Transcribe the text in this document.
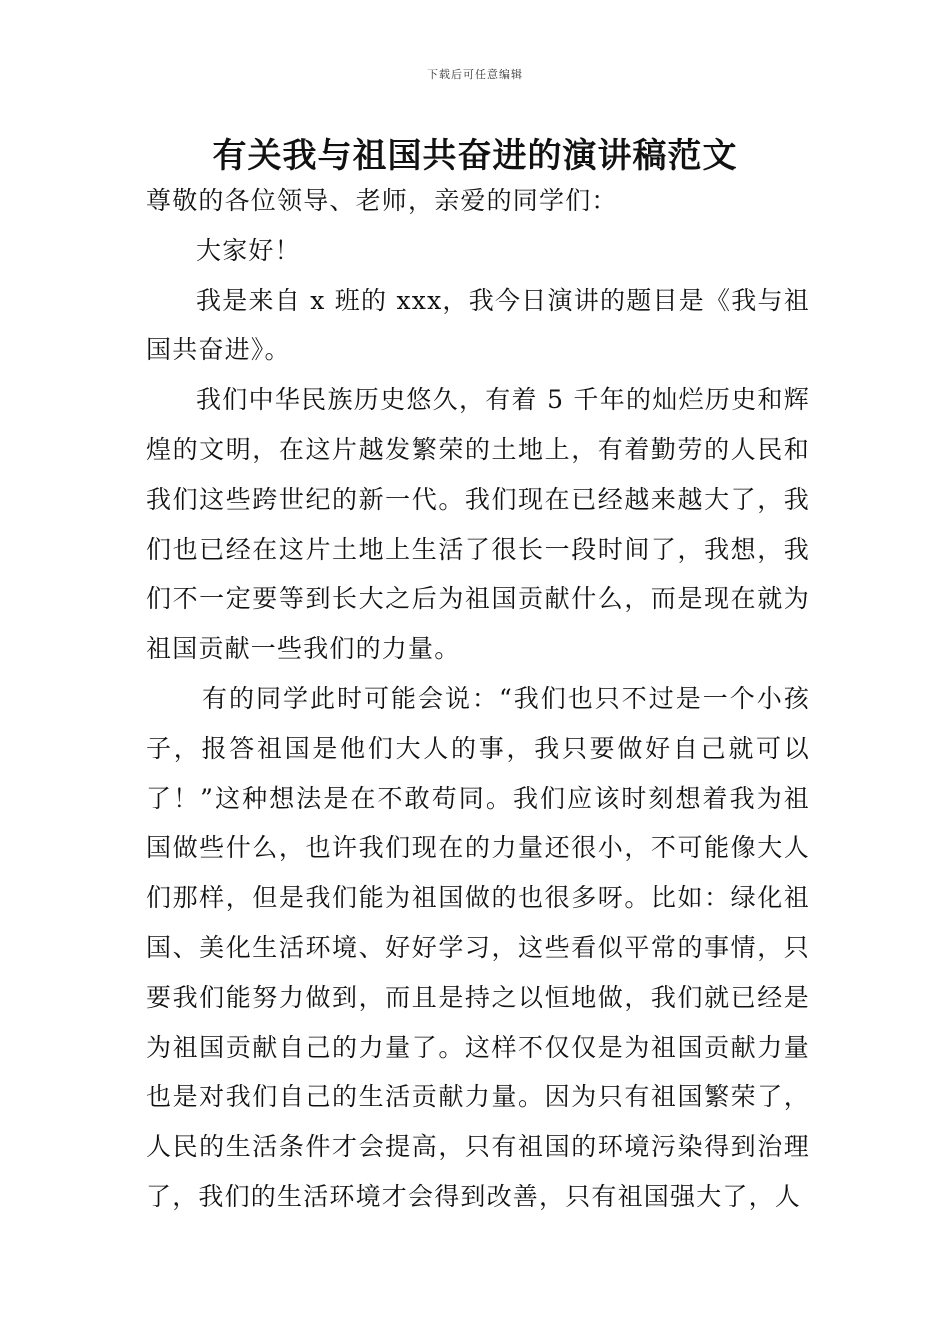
下载后可任意编辑
有关我与祖国共奋进的演讲稿范文

尊敬的各位领导、老师，亲爱的同学们：

大家好！

我是来自 x 班的 xxx，我今日演讲的题目是《我与祖国共奋进》。

我们中华民族历史悠久，有着 5 千年的灿烂历史和辉煌的文明，在这片越发繁荣的土地上，有着勤劳的人民和我们这些跨世纪的新一代。我们现在已经越来越大了，我们也已经在这片土地上生活了很长一段时间了，我想，我们不一定要等到长大之后为祖国贡献什么，而是现在就为祖国贡献一些我们的力量。

有的同学此时可能会说：“我们也只不过是一个小孩子，报答祖国是他们大人的事，我只要做好自己就可以了！”这种想法是在不敢苟同。我们应该时刻想着我为祖国做些什么，也许我们现在的力量还很小，不可能像大人们那样，但是我们能为祖国做的也很多呀。比如：绿化祖国、美化生活环境、好好学习，这些看似平常的事情，只要我们能努力做到，而且是持之以恒地做，我们就已经是为祖国贡献自己的力量了。这样不仅仅是为祖国贡献力量也是对我们自己的生活贡献力量。因为只有祖国繁荣了，人民的生活条件才会提高，只有祖国的环境污染得到治理了，我们的生活环境才会得到改善，只有祖国强大了，人
